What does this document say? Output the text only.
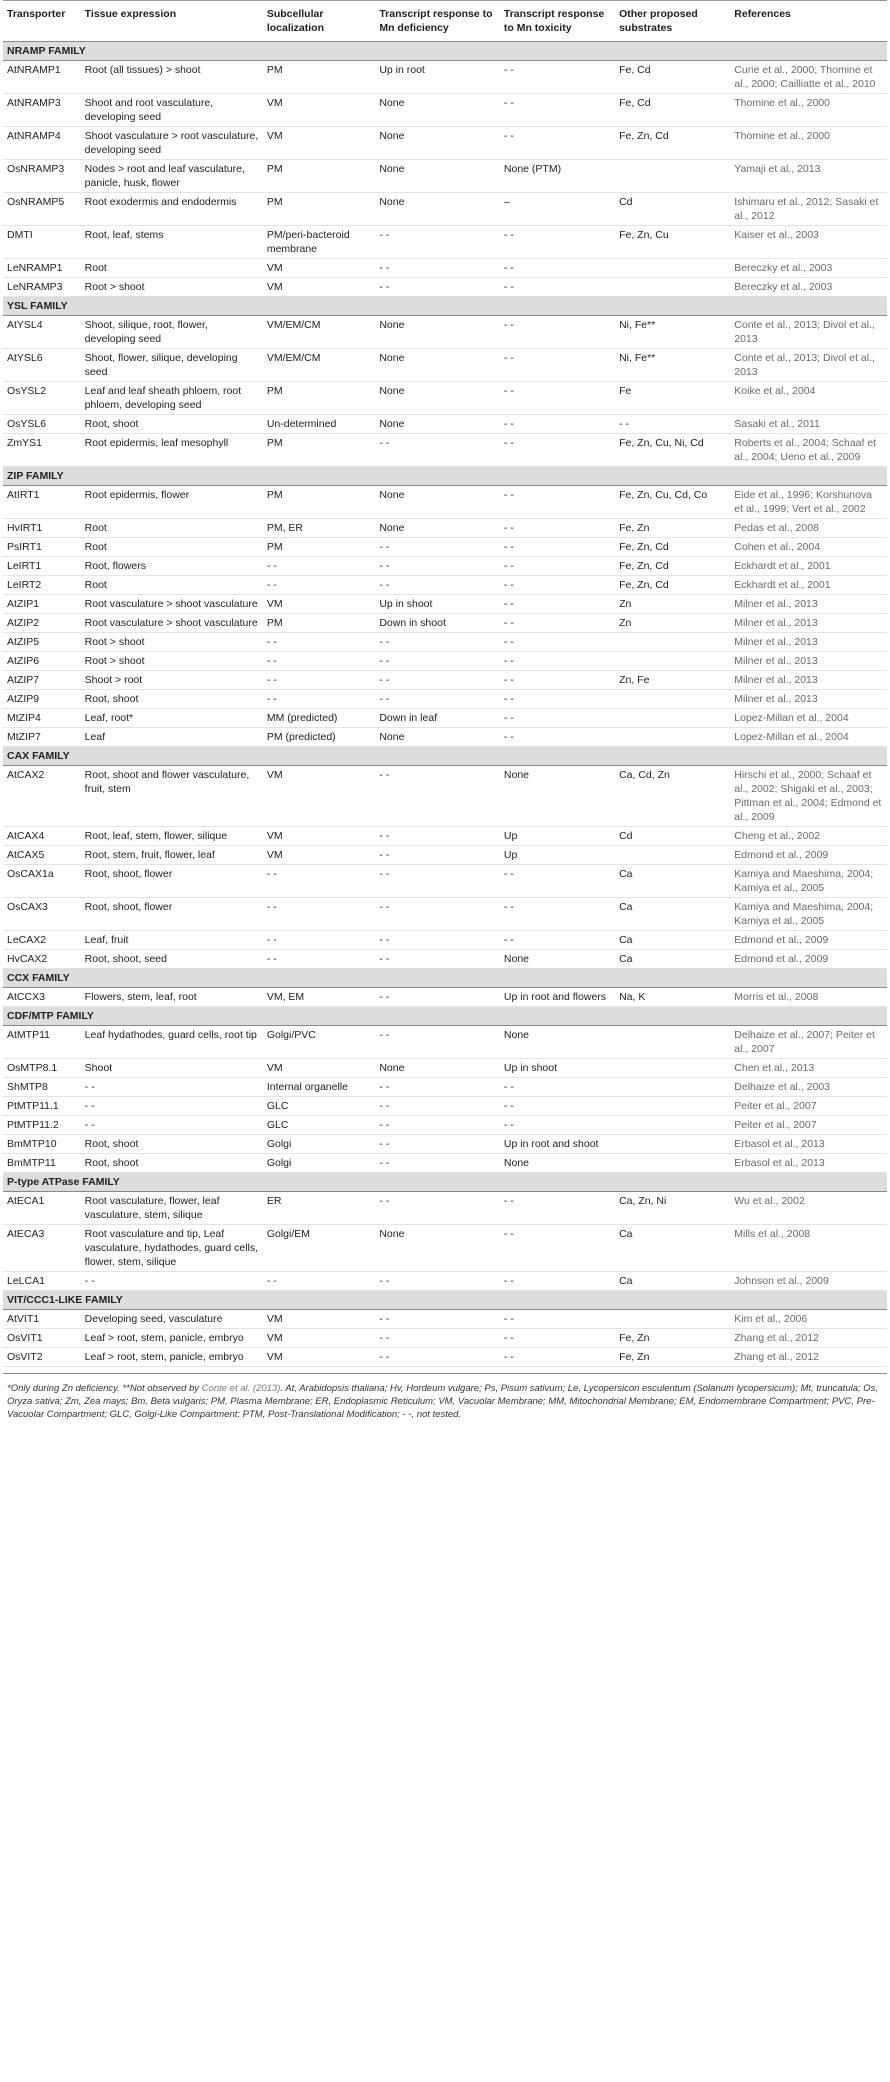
Transporter	Tissue expression	Subcellular localization	Transcript response to Mn deficiency	Transcript response to Mn toxicity	Other proposed substrates	References
NRAMP FAMILY						
AtNRAMP1	Root (all tissues) > shoot	PM	Up in root	- -	Fe, Cd	Curie et al., 2000; Thomine et al., 2000; Cailliatte et al., 2010
AtNRAMP3	Shoot and root vasculature, developing seed	VM	None	- -	Fe, Cd	Thomine et al., 2000
AtNRAMP4	Shoot vasculature > root vasculature, developing seed	VM	None	- -	Fe, Zn, Cd	Thomine et al., 2000
OsNRAMP3	Nodes > root and leaf vasculature, panicle, husk, flower	PM	None	None (PTM)		Yamaji et al., 2013
OsNRAMP5	Root exodermis and endodermis	PM	None	–	Cd	Ishimaru et al., 2012; Sasaki et al., 2012
DMTI	Root, leaf, stems	PM/peri-bacteroid membrane	- -	- -	Fe, Zn, Cu	Kaiser et al., 2003
LeNRAMP1	Root	VM	- -	- -		Bereczky et al., 2003
LeNRAMP3	Root > shoot	VM	- -	- -		Bereczky et al., 2003
YSL FAMILY						
AtYSL4	Shoot, silique, root, flower, developing seed	VM/EM/CM	None	- -	Ni, Fe**	Conte et al., 2013; Divol et al., 2013
AtYSL6	Shoot, flower, silique, developing seed	VM/EM/CM	None	- -	Ni, Fe**	Conte et al., 2013; Divol et al., 2013
OsYSL2	Leaf and leaf sheath phloem, root phloem, developing seed	PM	None	- -	Fe	Koike et al., 2004
OsYSL6	Root, shoot	Un-determined	None	- -	- -	Sasaki et al., 2011
ZmYS1	Root epidermis, leaf mesophyll	PM	- -	- -	Fe, Zn, Cu, Ni, Cd	Roberts et al., 2004; Schaaf et al., 2004; Ueno et al., 2009
ZIP FAMILY						
AtIRT1	Root epidermis, flower	PM	None	- -	Fe, Zn, Cu, Cd, Co	Eide et al., 1996; Korshunova et al., 1999; Vert et al., 2002
HvIRT1	Root	PM, ER	None	- -	Fe, Zn	Pedas et al., 2008
PsIRT1	Root	PM	- -	- -	Fe, Zn, Cd	Cohen et al., 2004
LeIRT1	Root, flowers	- -	- -	- -	Fe, Zn, Cd	Eckhardt et al., 2001
LeIRT2	Root	- -	- -	- -	Fe, Zn, Cd	Eckhardt et al., 2001
AtZIP1	Root vasculature > shoot vasculature	VM	Up in shoot	- -	Zn	Milner et al., 2013
AtZIP2	Root vasculature > shoot vasculature	PM	Down in shoot	- -	Zn	Milner et al., 2013
AtZIP5	Root > shoot	- -	- -	- -		Milner et al., 2013
AtZIP6	Root > shoot	- -	- -	- -		Milner et al., 2013
AtZIP7	Shoot > root	- -	- -	- -	Zn, Fe	Milner et al., 2013
AtZIP9	Root, shoot	- -	- -	- -		Milner et al., 2013
MtZIP4	Leaf, root*	MM (predicted)	Down in leaf	- -		Lopez-Millan et al., 2004
MtZIP7	Leaf	PM (predicted)	None	- -		Lopez-Millan et al., 2004
CAX FAMILY						
AtCAX2	Root, shoot and flower vasculature, fruit, stem	VM	- -	None	Ca, Cd, Zn	Hirschi et al., 2000; Schaaf et al., 2002; Shigaki et al., 2003; Pittman et al., 2004; Edmond et al., 2009
AtCAX4	Root, leaf, stem, flower, silique	VM	- -	Up	Cd	Cheng et al., 2002
AtCAX5	Root, stem, fruit, flower, leaf	VM	- -	Up		Edmond et al., 2009
OsCAX1a	Root, shoot, flower	- -	- -	- -	Ca	Kamiya and Maeshima, 2004; Kamiya et al., 2005
OsCAX3	Root, shoot, flower	- -	- -	- -	Ca	Kamiya and Maeshima, 2004; Kamiya et al., 2005
LeCAX2	Leaf, fruit	- -	- -	- -	Ca	Edmond et al., 2009
HvCAX2	Root, shoot, seed	- -	- -	None	Ca	Edmond et al., 2009
CCX FAMILY						
AtCCX3	Flowers, stem, leaf, root	VM, EM	- -	Up in root and flowers	Na, K	Morris et al., 2008
CDF/MTP FAMILY						
AtMTP11	Leaf hydathodes, guard cells, root tip	Golgi/PVC	- -	None		Delhaize et al., 2007; Peiter et al., 2007
OsMTP8.1	Shoot	VM	None	Up in shoot		Chen et al., 2013
ShMTP8	- -	Internal organelle	- -	- -		Delhaize et al., 2003
PtMTP11.1	- -	GLC	- -	- -		Peiter et al., 2007
PtMTP11.2	- -	GLC	- -	- -		Peiter et al., 2007
BmMTP10	Root, shoot	Golgi	- -	Up in root and shoot		Erbasol et al., 2013
BmMTP11	Root, shoot	Golgi	- -	None		Erbasol et al., 2013
P-type ATPase FAMILY						
AtECA1	Root vasculature, flower, leaf vasculature, stem, silique	ER	- -	- -	Ca, Zn, Ni	Wu et al., 2002
AtECA3	Root vasculature and tip, Leaf vasculature, hydathodes, guard cells, flower, stem, silique	Golgi/EM	None	- -	Ca	Mills et al., 2008
LeLCA1	- -	- -	- -	- -	Ca	Johnson et al., 2009
VIT/CCC1-LIKE FAMILY						
AtVIT1	Developing seed, vasculature	VM	- -	- -		Kim et al., 2006
OsVIT1	Leaf > root, stem, panicle, embryo	VM	- -	- -	Fe, Zn	Zhang et al., 2012
OsVIT2	Leaf > root, stem, panicle, embryo	VM	- -	- -	Fe, Zn	Zhang et al., 2012
*Only during Zn deficiency. **Not observed by Conte et al. (2013). At, Arabidopsis thaliana; Hv, Hordeum vulgare; Ps, Pisum sativum; Le, Lycopersicon esculentum (Solanum lycopersicum); Mt, truncatula; Os, Oryza sativa; Zm, Zea mays; Bm, Beta vulgaris; PM, Plasma Membrane; ER, Endoplasmic Reticulum; VM, Vacuolar Membrane; MM, Mitochondrial Membrane; EM, Endomembrane Compartment; PVC, Pre-Vacuolar Compartment; GLC, Golgi-Like Compartment; PTM, Post-Translational Modification; - -, not tested.
